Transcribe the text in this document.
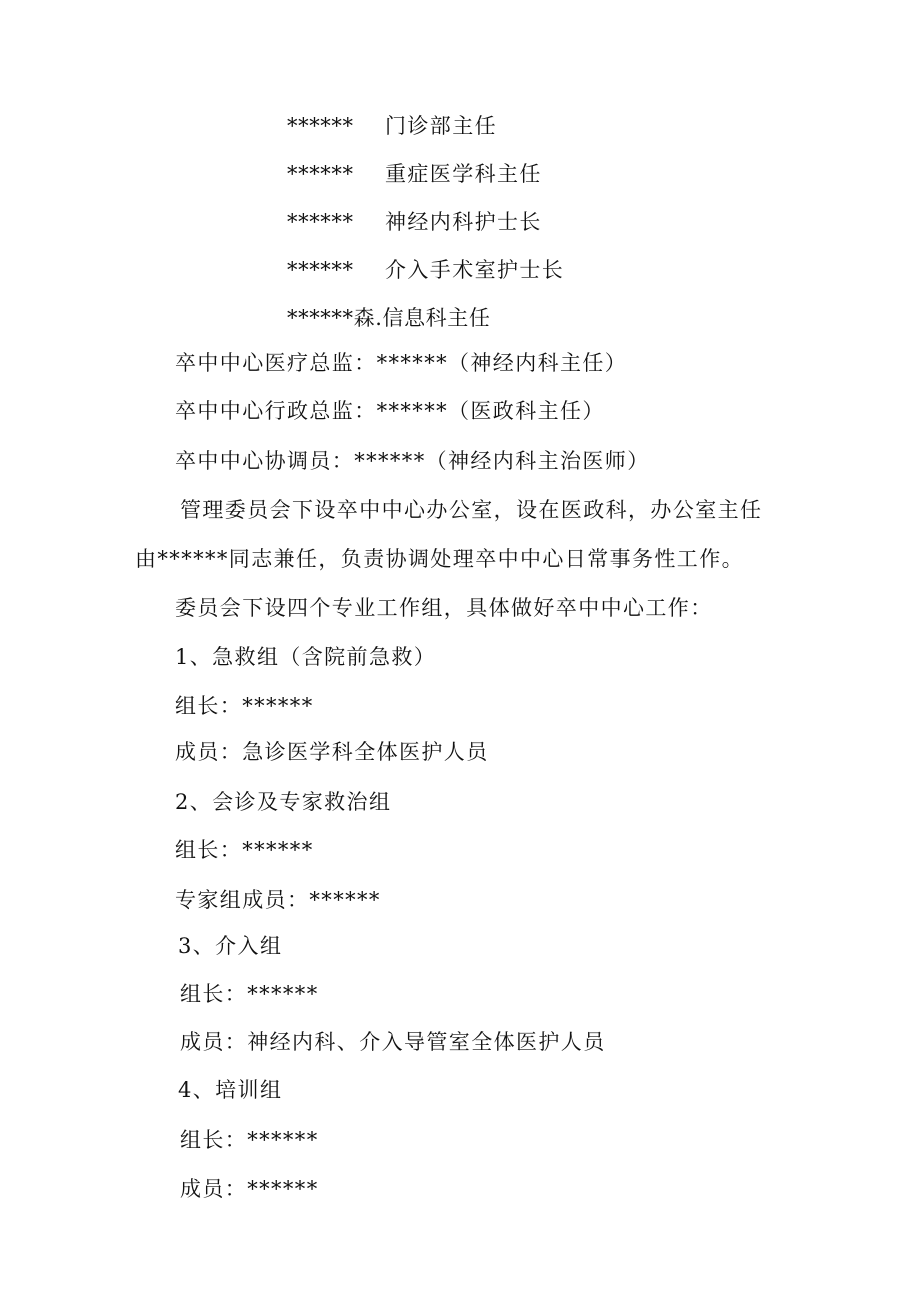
****** 门诊部主任
****** 重症医学科主任
****** 神经内科护士长
****** 介入手术室护士长
******森.信息科主任
卒中中心医疗总监：******（神经内科主任）
卒中中心行政总监：******（医政科主任）
卒中中心协调员：******（神经内科主治医师）
管理委员会下设卒中中心办公室，设在医政科，办公室主任
由******同志兼任，负责协调处理卒中中心日常事务性工作。
委员会下设四个专业工作组，具体做好卒中中心工作：
1、急救组（含院前急救）
组长：******
成员：急诊医学科全体医护人员
2、会诊及专家救治组
组长：******
专家组成员：******
3、介入组
组长：******
成员：神经内科、介入导管室全体医护人员
4、培训组
组长：******
成员：******
